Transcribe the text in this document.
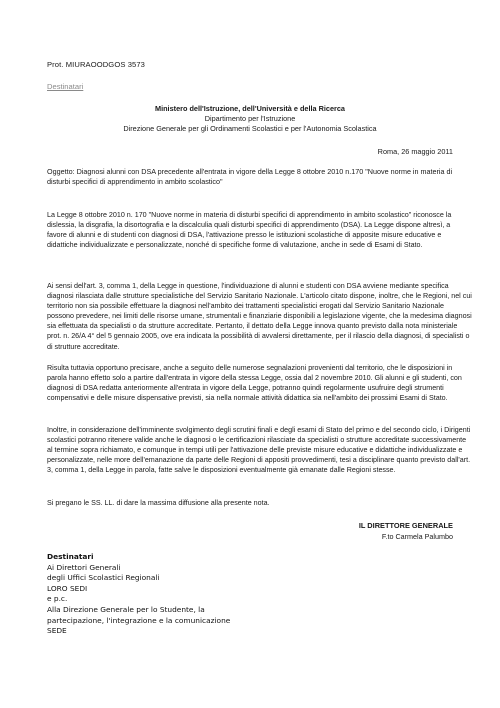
Prot. MIURAOODGOS 3573
Destinatari
Ministero dell'Istruzione, dell'Università e della Ricerca
Dipartimento per l'Istruzione
Direzione Generale per gli Ordinamenti Scolastici e per l'Autonomia Scolastica
Roma, 26 maggio 2011
Oggetto: Diagnosi alunni con DSA precedente all'entrata in vigore della Legge 8 ottobre 2010 n.170 "Nuove norme in materia di disturbi specifici di apprendimento in ambito scolastico"
La Legge 8 ottobre 2010 n. 170 "Nuove norme in materia di disturbi specifici di apprendimento in ambito scolastico" riconosce la dislessia, la disgrafia, la disortografia e la discalculia quali disturbi specifici di apprendimento (DSA). La Legge dispone altresì, a favore di alunni e di studenti con diagnosi di DSA, l'attivazione presso le istituzioni scolastiche di apposite misure educative e didattiche individualizzate e personalizzate, nonché di specifiche forme di valutazione, anche in sede di Esami di Stato.
Ai sensi dell'art. 3, comma 1, della Legge in questione, l'individuazione di alunni e studenti con DSA avviene mediante specifica diagnosi rilasciata dalle strutture specialistiche del Servizio Sanitario Nazionale. L'articolo citato dispone, inoltre, che le Regioni, nel cui territorio non sia possibile effettuare la diagnosi nell'ambito dei trattamenti specialistici erogati dal Servizio Sanitario Nazionale possono prevedere, nei limiti delle risorse umane, strumentali e finanziarie disponibili a legislazione vigente, che la medesima diagnosi sia effettuata da specialisti o da strutture accreditate. Pertanto, il dettato della Legge innova quanto previsto dalla nota ministeriale prot. n. 26/A 4° del 5 gennaio 2005, ove era indicata la possibilità di avvalersi direttamente, per il rilascio della diagnosi, di specialisti o di strutture accreditate.
Risulta tuttavia opportuno precisare, anche a seguito delle numerose segnalazioni provenienti dal territorio, che le disposizioni in parola hanno effetto solo a partire dall'entrata in vigore della stessa Legge, ossia dal 2 novembre 2010. Gli alunni e gli studenti, con diagnosi di DSA redatta anteriormente all'entrata in vigore della Legge, potranno quindi regolarmente usufruire degli strumenti compensativi e delle misure dispensative previsti, sia nella normale attività didattica sia nell'ambito dei prossimi Esami di Stato.
Inoltre, in considerazione dell'imminente svolgimento degli scrutini finali e degli esami di Stato del primo e del secondo ciclo, i Dirigenti scolastici potranno ritenere valide anche le diagnosi o le certificazioni rilasciate da specialisti o strutture accreditate successivamente al termine sopra richiamato, e comunque in tempi utili per l'attivazione delle previste misure educative e didattiche individualizzate e personalizzate, nelle more dell'emanazione da parte delle Regioni di appositi provvedimenti, tesi a disciplinare quanto previsto dall'art. 3, comma 1, della Legge in parola, fatte salve le disposizioni eventualmente già emanate dalle Regioni stesse.
Si pregano le SS. LL. di dare la massima diffusione alla presente nota.
IL DIRETTORE GENERALE
F.to Carmela Palumbo
Destinatari
Ai Direttori Generali
degli Uffici Scolastici Regionali
LORO SEDI
e p.c.
Alla Direzione Generale per lo Studente, la
partecipazione, l'integrazione e la comunicazione
SEDE
